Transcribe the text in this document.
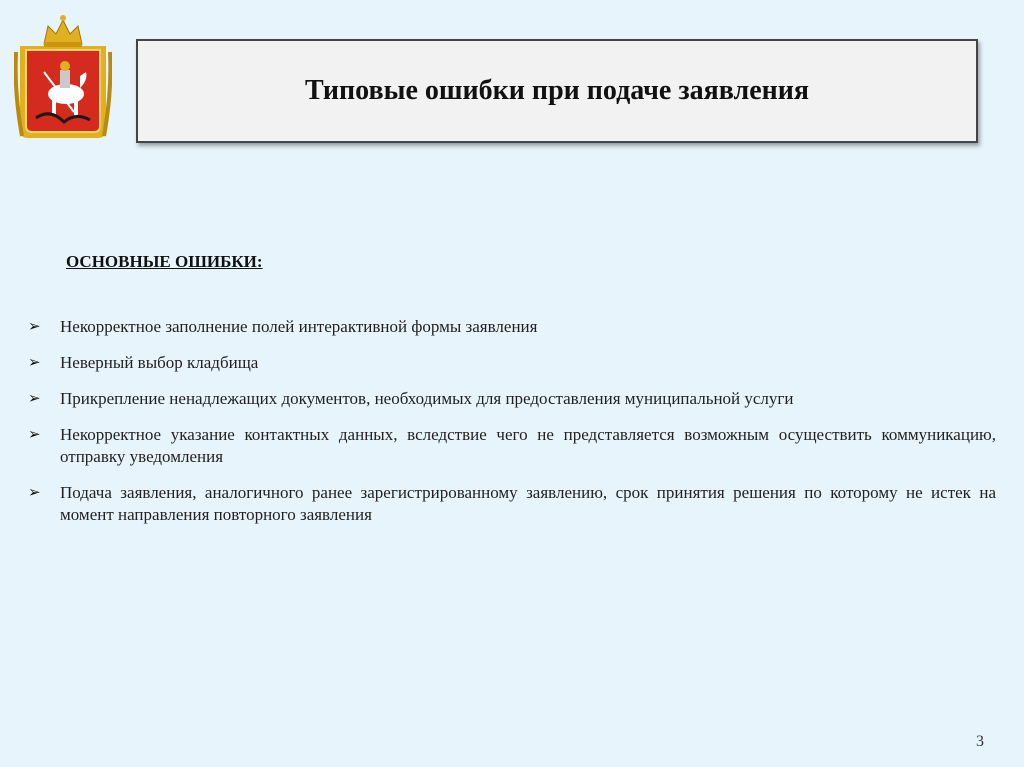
Типовые ошибки при подаче заявления
ОСНОВНЫЕ ОШИБКИ:
➢	Некорректное заполнение полей интерактивной формы заявления
➢	Неверный выбор кладбища
➢	Прикрепление ненадлежащих документов, необходимых для предоставления муниципальной услуги
➢	Некорректное указание контактных данных, вследствие чего не представляется возможным осуществить коммуникацию, отправку уведомления
➢	Подача заявления, аналогичного ранее зарегистрированному заявлению, срок принятия решения по которому не истек на момент направления повторного заявления
3
